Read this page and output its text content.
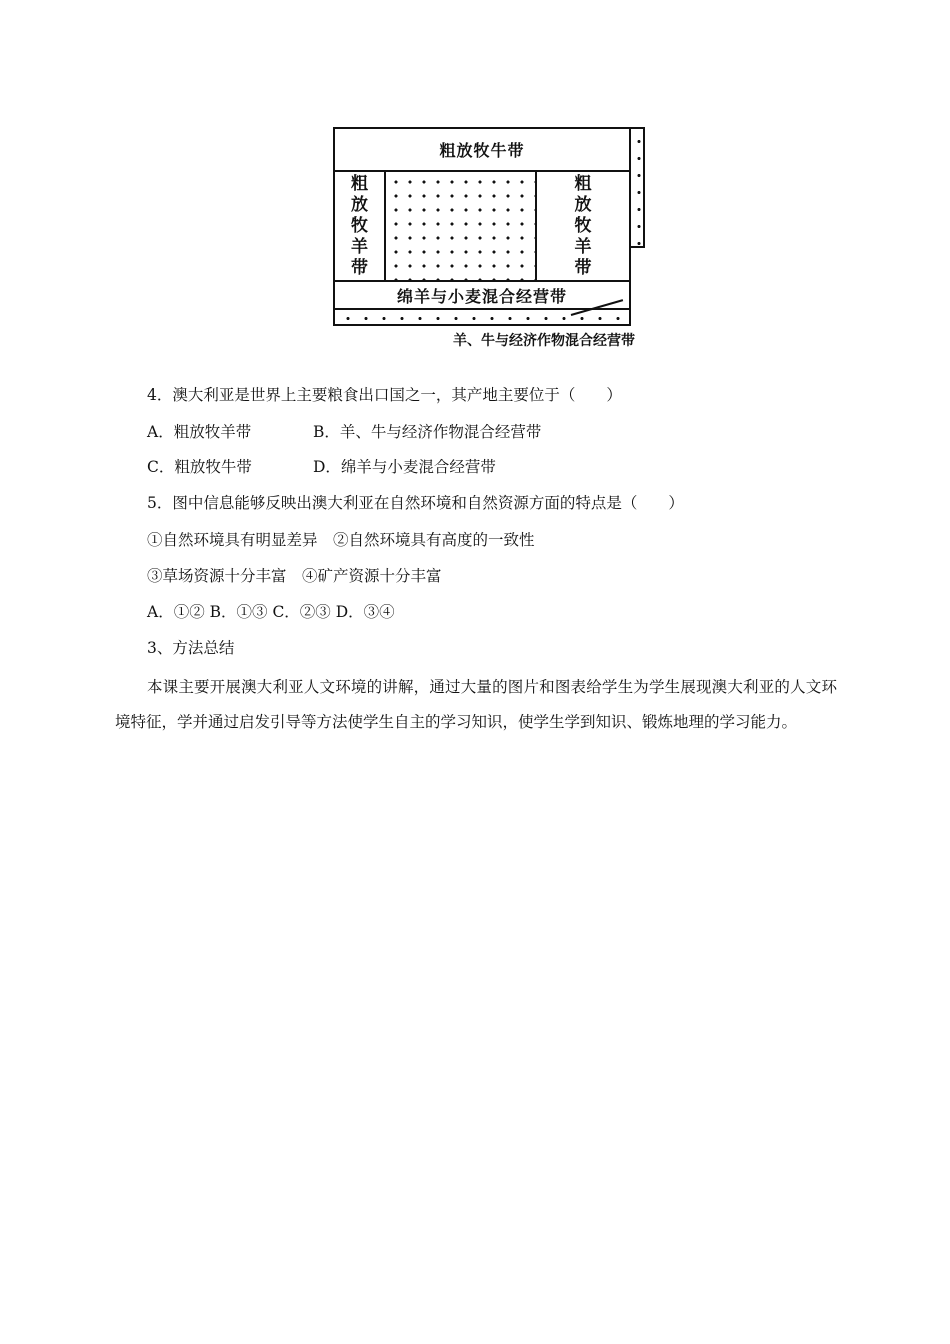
粗放牧牛带
粗放牧羊带
粗放牧羊带
绵羊与小麦混合经营带
羊、牛与经济作物混合经营带
4．澳大利亚是世界上主要粮食出口国之一，其产地主要位于（　　）
A．粗放牧羊带	B．羊、牛与经济作物混合经营带
C．粗放牧牛带	D．绵羊与小麦混合经营带
5．图中信息能够反映出澳大利亚在自然环境和自然资源方面的特点是（　　）
①自然环境具有明显差异　②自然环境具有高度的一致性
③草场资源十分丰富　④矿产资源十分丰富
A．①② B．①③ C．②③ D．③④
3、方法总结

本课主要开展澳大利亚人文环境的讲解，通过大量的图片和图表给学生为学生展现澳大利亚的人文环境特征，学并通过启发引导等方法使学生自主的学习知识，使学生学到知识、锻炼地理的学习能力。
